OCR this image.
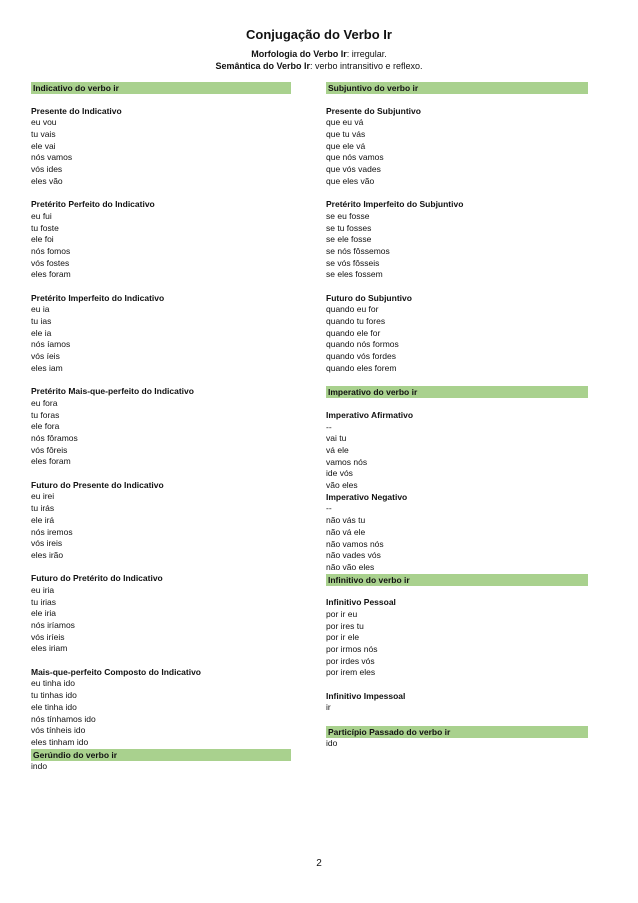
Conjugação do Verbo Ir
Morfologia do Verbo Ir: irregular.
Semântica do Verbo Ir: verbo intransitivo e reflexo.
Indicativo do verbo ir
Presente do Indicativo
eu vou
tu vais
ele vai
nós vamos
vós ides
eles vão
Pretérito Perfeito do Indicativo
eu fui
tu foste
ele foi
nós fomos
vós fostes
eles foram
Pretérito Imperfeito do Indicativo
eu ia
tu ias
ele ia
nós íamos
vós íeis
eles iam
Pretérito Mais-que-perfeito do Indicativo
eu fora
tu foras
ele fora
nós fôramos
vós fôreis
eles foram
Futuro do Presente do Indicativo
eu irei
tu irás
ele irá
nós iremos
vós ireis
eles irão
Futuro do Pretérito do Indicativo
eu iria
tu irias
ele iria
nós iríamos
vós iríeis
eles iriam
Mais-que-perfeito Composto do Indicativo
eu tinha ido
tu tinhas ido
ele tinha ido
nós tínhamos ido
vós tínheis ido
eles tinham ido
Gerúndio do verbo ir
indo
Subjuntivo do verbo ir
Presente do Subjuntivo
que eu vá
que tu vás
que ele vá
que nós vamos
que vós vades
que eles vão
Pretérito Imperfeito do Subjuntivo
se eu fosse
se tu fosses
se ele fosse
se nós fôssemos
se vós fôsseis
se eles fossem
Futuro do Subjuntivo
quando eu for
quando tu fores
quando ele for
quando nós formos
quando vós fordes
quando eles forem
Imperativo do verbo ir
Imperativo Afirmativo
--
vai tu
vá ele
vamos nós
ide vós
vão eles
Imperativo Negativo
--
não vás tu
não vá ele
não vamos nós
não vades vós
não vão eles
Infinitivo do verbo ir
Infinitivo Pessoal
por ir eu
por ires tu
por ir ele
por irmos nós
por irdes vós
por irem eles
Infinitivo Impessoal
ir
Particípio Passado do verbo ir
ido
2
